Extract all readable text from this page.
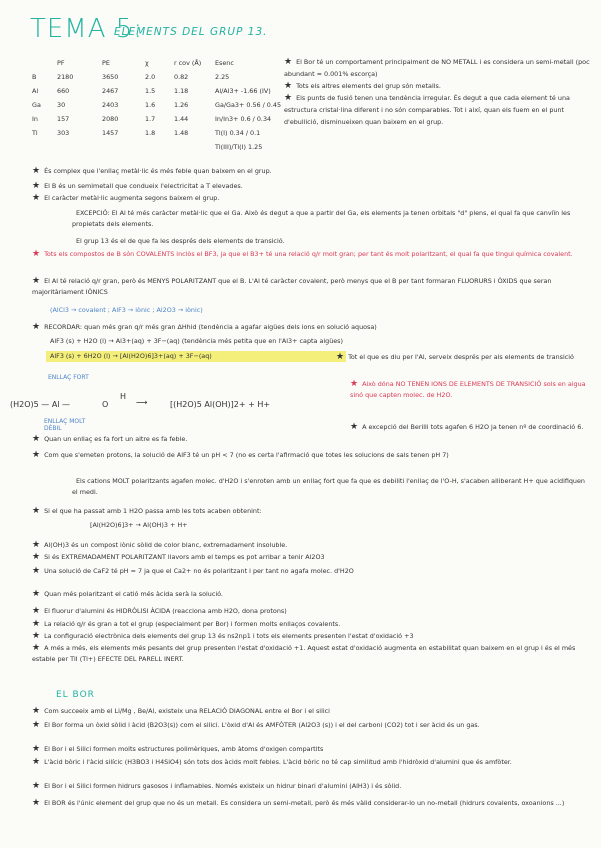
TEMA 5:
ELEMENTS DEL GRUP 13.
	PF	PE	χ	r cov (Å)	Esenc
B	2180	3650	2.0	0.82	2.25
Al	660	2467	1.5	1.18	Al/Al3+ -1.66 (IV)
Ga	30	2403	1.6	1.26	Ga/Ga3+ 0.56 / 0.45
In	157	2080	1.7	1.44	In/In3+ 0.6 / 0.34
Tl	303	1457	1.8	1.48	Tl(I) 0.34 / 0.1
					Tl(III)/Tl(I) 1.25
★ El Bor té un comportament principalment de NO METALL i es considera un semi-metall (poc abundant ≈ 0.001% escorça)
★ Tots els altres elements del grup són metalls.
★ Els punts de fusió tenen una tendència irregular. És degut a que cada element té una estructura cristal·lina diferent i no són comparables. Tot i així, quan els fuem en el punt d'ebullició, disminueixen quan baixem en el grup.
★ És complex que l'enllaç metàl·lic és més feble quan baixem en el grup.
★ El B és un semimetall que condueix l'electricitat a T elevades.
★ El caràcter metàl·lic augmenta segons baixem el grup.
EXCEPCIÓ: El Al té més caràcter metàl·lic que el Ga. Això és degut a que a partir del Ga, els elements ja tenen orbitals "d" plens, el qual fa que canviïn les propietats dels elements.
El grup 13 és el de que fa les després dels elements de transició.
★ Tots els compostos de B són COVALENTS inclòs el BF3, ja que el B3+ té una relació q/r molt gran; per tant és molt polaritzant, el qual fa que tingui química covalent.
★ El Al té relació q/r gran, però és MENYS POLARITZANT que el B. L'Al té caràcter covalent, però menys que el B per tant formaran FLUORURS i ÒXIDS que seran majoritàriament IÒNICS
(AlCl3 → covalent ; AlF3 → iònic ; Al2O3 → iònic)
★ RECORDAR: quan més gran q/r més gran ΔHhid (tendència a agafar aigües dels ions en solució aquosa)
AlF3 (s) + H2O (l) → Al3+(aq) + 3F−(aq) (tendència més petita que en l'Al3+ capta aigües)
AlF3 (s) + 6H2O (l) → [Al(H2O)6]3+(aq) + 3F−(aq)	★ Tot el que es diu per l'Al, serveix després per als elements de transició
★ Això dóna NO TENEN IONS DE ELEMENTS DE TRANSICIÓ sols en aigua sinó que capten molec. de H2O.
★ A excepció del Berilli tots agafen 6 H2O ja tenen nº de coordinació 6.
★ Quan un enllaç es fa fort un altre es fa feble.
★ Com que s'emeten protons, la solució de AlF3 té un pH < 7 (no es certa l'afirmació que totes les solucions de sals tenen pH 7)
Els cations MOLT polaritzants agafen molec. d'H2O i s'enroten amb un enllaç fort que fa que es debiliti l'enllaç de l'O-H, s'acaben alliberant H+ que acidifiquen el medi.
★ Si el que ha passat amb 1 H2O passa amb les tots acaben obtenint:
[Al(H2O)6]3+ → Al(OH)3 + H+
★ Al(OH)3 és un compost iònic sòlid de color blanc, extremadament insoluble.
★ Si és EXTREMADAMENT POLARITZANT llavors amb el temps es pot arribar a tenir Al2O3
★ Una solució de CaF2 té pH = 7 ja que el Ca2+ no és polaritzant i per tant no agafa molec. d'H2O
★ Quan més polaritzant el catió més àcida serà la solució.
★ El fluorur d'alumini és HIDRÒLISI ÀCIDA (reacciona amb H2O, dona protons)
★ La relació q/r és gran a tot el grup (especialment per Bor) i formen molts enllaços covalents.
★ La configuració electrònica dels elements del grup 13 és ns2np1 i tots els elements presenten l'estat d'oxidació +3
★ A més a més, els elements més pesants del grup presenten l'estat d'oxidació +1. Aquest estat d'oxidació augmenta en estabilitat quan baixem en el grup i és el més estable per TlI (Tl+) EFECTE DEL PARELL INERT.
EL BOR
★ Com succeeix amb el Li/Mg , Be/Al, existeix una RELACIÓ DIAGONAL entre el Bor i el silici
★ El Bor forma un òxid sòlid i àcid (B2O3(s)) com el silici. L'òxid d'Al és AMFÒTER (Al2O3 (s)) i el del carboni (CO2) tot i ser àcid és un gas.
★ El Bor i el Silici formen molts estructures polimèriques, amb àtoms d'oxigen compartits
★ L'àcid bòric i l'àcid silícic (H3BO3 i H4SiO4) són tots dos àcids molt febles. L'àcid bòric no té cap similitud amb l'hidròxid d'alumini que és amfòter.
★ El Bor i el Silici formen hidrurs gasosos i inflamables. Només existeix un hidrur binari d'alumini (AlH3) i és sòlid.
★ El BOR és l'únic element del grup que no és un metall. Es considera un semi-metall, però és més vàlid considerar-lo un no-metall (hidrurs covalents, oxoanions ...)
(H2O)5 — Al —	O
H
⟶	[(H2O)5 Al(OH)]2+ + H+
ENLLAÇ FORT
ENLLAÇ MOLT DÈBIL
